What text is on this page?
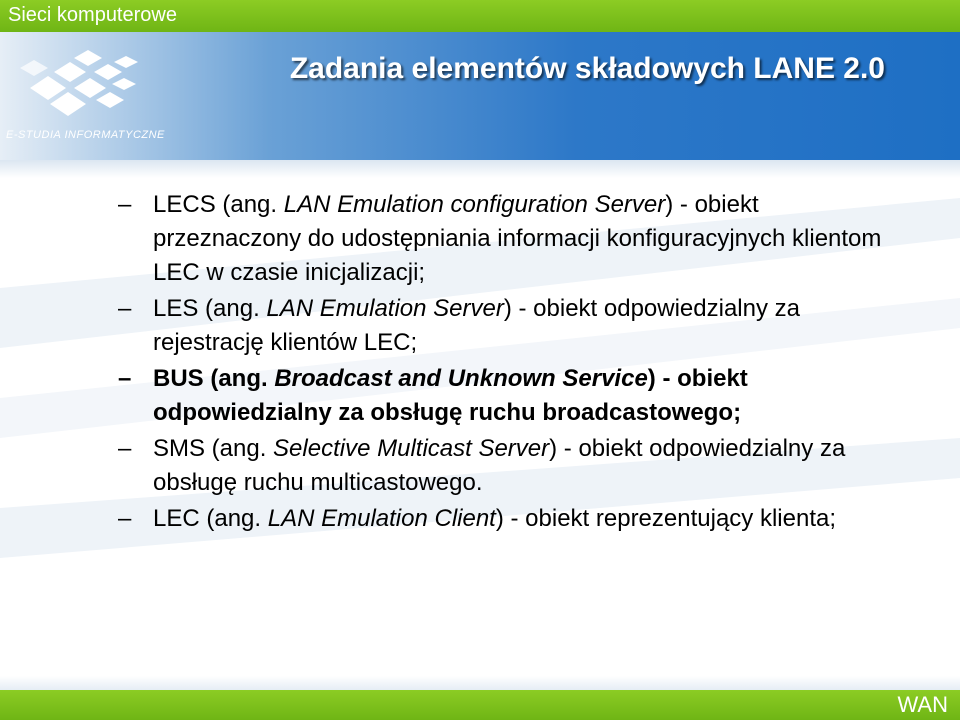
Sieci komputerowe
E-STUDIA INFORMATYCZNE
Zadania elementów składowych LANE 2.0
– LECS (ang. LAN Emulation configuration Server) - obiekt przeznaczony do udostępniania informacji konfiguracyjnych klientom LEC w czasie inicjalizacji;
– LES (ang. LAN Emulation Server) - obiekt odpowiedzialny za rejestrację klientów LEC;
– BUS (ang. Broadcast and Unknown Service) - obiekt odpowiedzialny za obsługę ruchu broadcastowego;
– SMS (ang. Selective Multicast Server) - obiekt odpowiedzialny za obsługę ruchu multicastowego.
– LEC (ang. LAN Emulation Client) - obiekt reprezentujący klienta;
WAN
